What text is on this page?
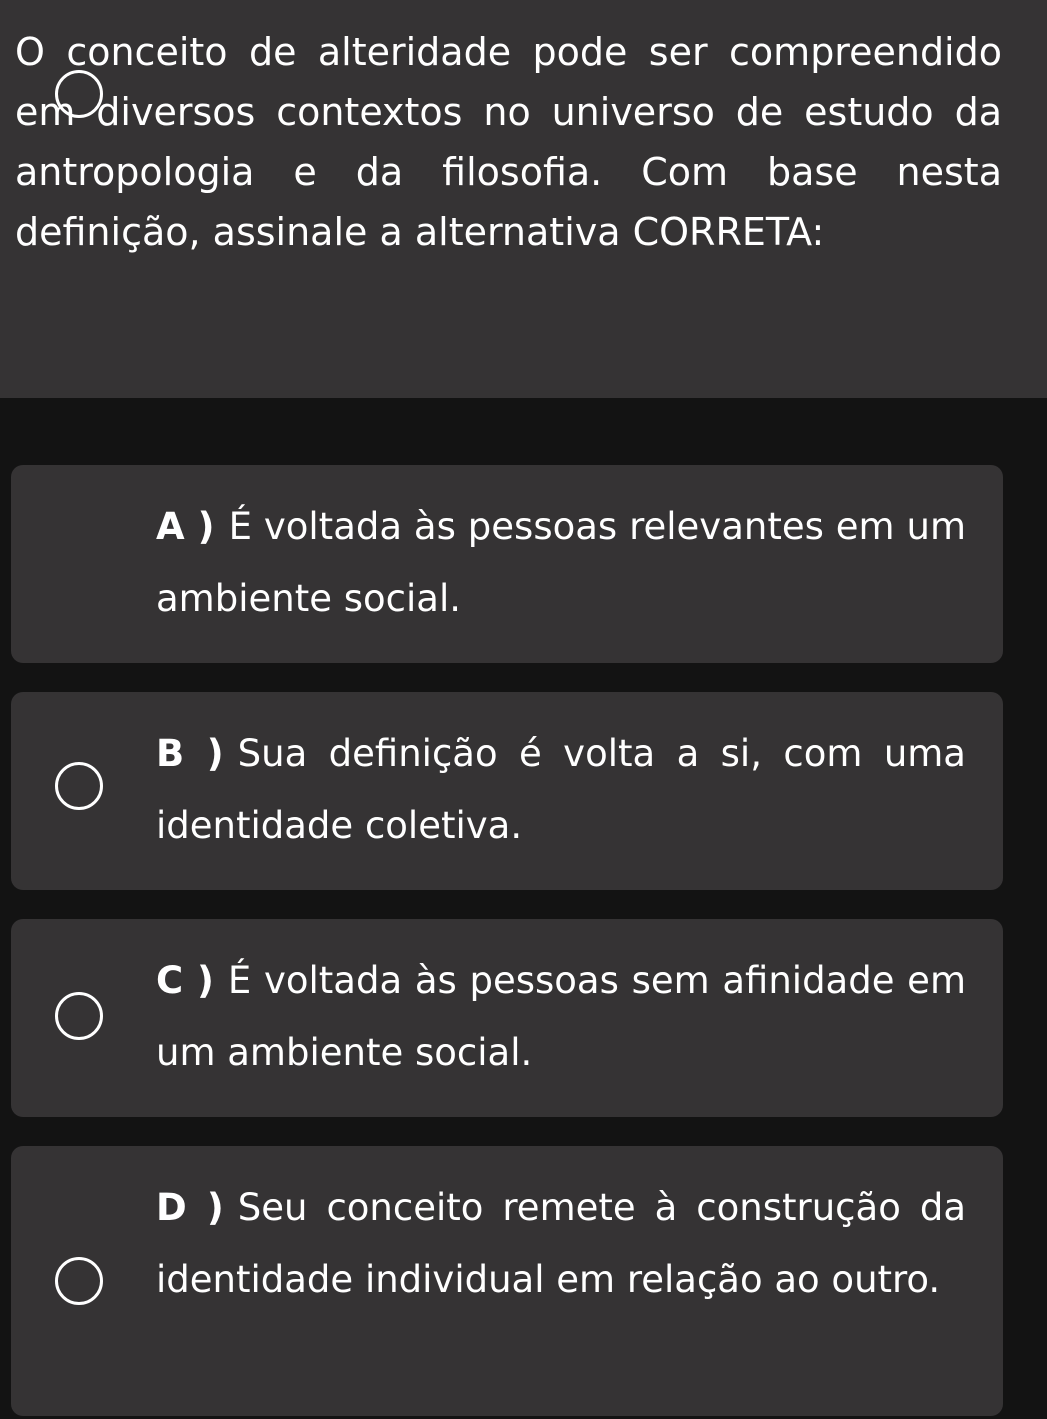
O conceito de alteridade pode ser compreendido em diversos contextos no universo de estudo da antropologia e da filosofia. Com base nesta definição, assinale a alternativa CORRETA:

A ) É voltada às pessoas relevantes em um ambiente social.
B ) Sua definição é volta a si, com uma identidade coletiva.
C ) É voltada às pessoas sem afinidade em um ambiente social.
D ) Seu conceito remete à construção da identidade individual em relação ao outro.
